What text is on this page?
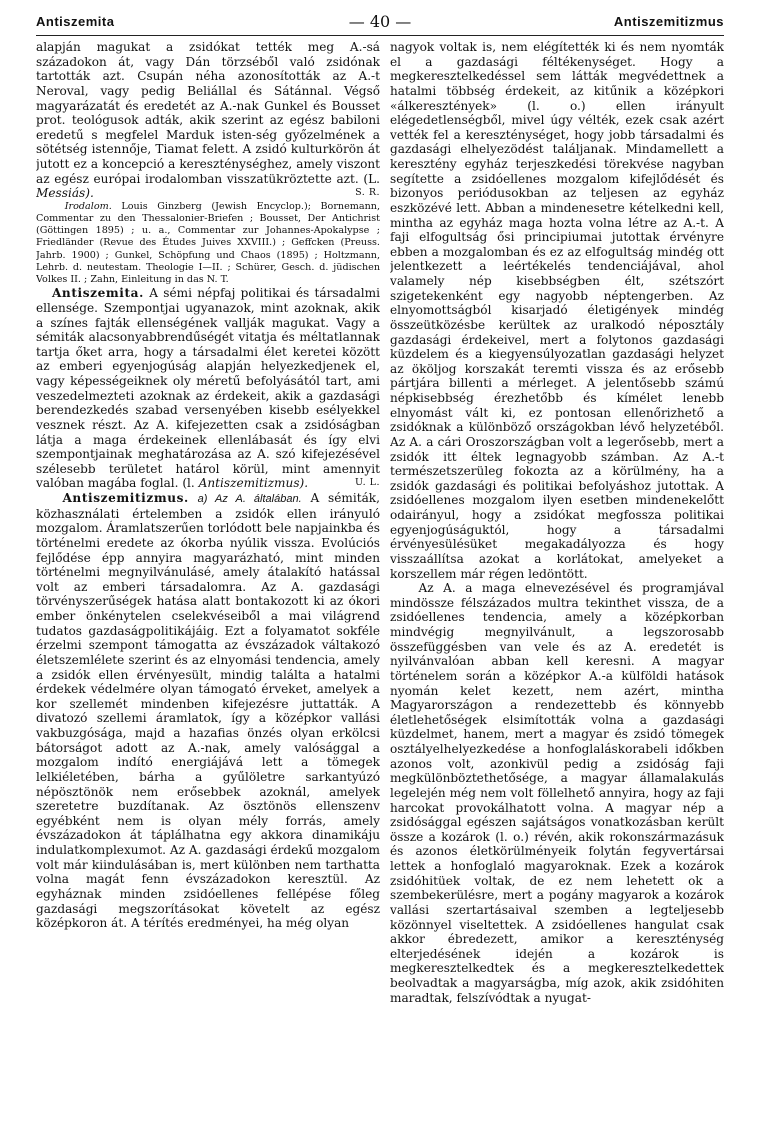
Antiszemita	— 40 —	Antiszemitizmus

alapján magukat a zsidókat tették meg A.-sá századokon át, vagy Dán törzséből való zsidónak tartották azt. Csupán néha azonosították az A.-t Neroval, vagy pedig Beliállal és Sátánnal. Végső magyarázatát és eredetét az A.-nak Gunkel és Bousset prot. teológusok adták, akik szerint az egész babiloni eredetű s megfelel Marduk isten-ség győzelmének a sötétség istennője, Tiamat felett. A zsidó kulturkörön át jutott ez a koncepció a kereszténységhez, amely viszont az egész európai irodalomban visszatükröztette azt. (L. Messiás).	S. R.

Irodalom. Louis Ginzberg (Jewish Encyclop.); Bornemann, Commentar zu den Thessalonier-Briefen ; Bousset, Der Antichrist (Göttingen 1895) ; u. a., Commentar zur Johannes-Apokalypse ; Friedländer (Revue des Études Juives XXVIII.) ; Geffcken (Preuss. Jahrb. 1900) ; Gunkel, Schöpfung und Chaos (1895) ; Holtzmann, Lehrb. d. neutestam. Theologie I—II. ; Schürer, Gesch. d. jüdischen Volkes II. ; Zahn, Einleitung in das N. T.

Antiszemita. A sémi népfaj politikai és társadalmi ellensége. Szempontjai ugyanazok, mint azoknak, akik a színes fajták ellenségének vallják magukat. Vagy a sémiták alacsonyabbrendűségét vitatja és méltatlannak tartja őket arra, hogy a társadalmi élet keretei között az emberi egyenjogúság alapján helyezkedjenek el, vagy képességeiknek oly méretű befolyásától tart, ami veszedelmezteti azoknak az érdekeit, akik a gazdasági berendezkedés szabad versenyében kisebb esélyekkel vesznek részt. Az A. kifejezetten csak a zsidóságban látja a maga érdekeinek ellenlábasát és így elvi szempontjainak meghatározása az A. szó kifejezésével szélesebb területet határol körül, mint amennyit valóban magába foglal. (l. Antiszemitizmus).	U. L.

Antiszemitizmus. a) Az A. általában. A sémiták, közhasználati értelemben a zsidók ellen irányuló mozgalom. Áramlatszerűen torlódott bele napjainkba és történelmi eredete az ókorba nyúlik vissza. Evolúciós fejlődése épp annyira magyarázható, mint minden történelmi megnyilvánulásé, amely átalakító hatással volt az emberi társadalomra. Az A. gazdasági törvényszerűségek hatása alatt bontakozott ki az ókori ember önkénytelen cselekvéseiből a mai világrend tudatos gazdaságpolitikájáig. Ezt a folyamatot sokféle érzelmi szempont támogatta az évszázadok váltakozó életszemlélete szerint és az elnyomási tendencia, amely a zsidók ellen érvényesült, mindig találta a hatalmi érdekek védelmére olyan támogató érveket, amelyek a kor szellemét mindenben kifejezésre juttatták. A divatozó szellemi áramlatok, így a középkor vallási vakbuzgósága, majd a hazafias önzés olyan erkölcsi bátorságot adott az A.-nak, amely valósággal a mozgalom indító energiájává lett a tömegek lelkiéletében, bárha a gyűlöletre sarkantyúzó népösztönök nem erősebbek azoknál, amelyek szeretetre buzdítanak. Az ösztönös ellenszenv egyébként nem is olyan mély forrás, amely évszázadokon át táplálhatna egy akkora dinamikáju indulatkomplexumot. Az A. gazdasági érdekű mozgalom volt már kiindulásában is, mert különben nem tarthatta volna magát fenn évszázadokon keresztül. Az egyháznak minden zsidóellenes fellépése főleg gazdasági megszorításokat követelt az egész középkoron át. A térítés eredményei, ha még olyan

nagyok voltak is, nem elégítették ki és nem nyomták el a gazdasági féltékenységet. Hogy a megkeresztelkedéssel sem látták megvédettnek a hatalmi többség érdekeit, az kitűnik a középkori «álkeresztények» (l. o.) ellen irányult elégedetlenségből, mivel úgy vélték, ezek csak azért vették fel a kereszténységet, hogy jobb társadalmi és gazdasági elhelyezödést találjanak. Mindamellett a keresztény egyház terjeszkedési törekvése nagyban segítette a zsidóellenes mozgalom kifejlődését és bizonyos periódusokban az teljesen az egyház eszközévé lett. Abban a mindenesetre kételkedni kell, mintha az egyház maga hozta volna létre az A.-t. A faji elfogultság ősi principiumai jutottak érvényre ebben a mozgalomban és ez az elfogultság mindég ott jelentkezett a leértékelés tendenciájával, ahol valamely nép kisebbségben élt, szétszórt szigetekenként egy nagyobb néptengerben. Az elnyomottságból kisarjadó életigények mindég összeütközésbe kerültek az uralkodó néposztály gazdasági érdekeivel, mert a folytonos gazdasági küzdelem és a kiegyensúlyozatlan gazdasági helyzet az ököljog korszakát teremti vissza és az erősebb pártjára billenti a mérleget. A jelentősebb számú népkisebbség érezhetőbb és kímélet lenebb elnyomást vált ki, ez pontosan ellenőrizhető a zsidóknak a különböző országokban lévő helyzetéből. Az A. a cári Oroszországban volt a legerősebb, mert a zsidók itt éltek legnagyobb számban. Az A.-t természetszerüleg fokozta az a körülmény, ha a zsidók gazdasági és politikai befolyáshoz jutottak. A zsidóellenes mozgalom ilyen esetben mindenekelőtt odairányul, hogy a zsidókat megfossza politikai egyenjogúságuktól, hogy a társadalmi érvényesülésüket megakadályozza és hogy visszaállítsa azokat a korlátokat, amelyeket a korszellem már régen ledöntött.

Az A. a maga elnevezésével és programjával mindössze félszázados multra tekinthet vissza, de a zsidóellenes tendencia, amely a középkorban mindvégig megnyilvánult, a legszorosabb összefüggésben van vele és az A. eredetét is nyilvánvalóan abban kell keresni. A magyar történelem során a középkor A.-a külföldi hatások nyomán kelet kezett, nem azért, mintha Magyarországon a rendezettebb és könnyebb életlehetőségek elsimították volna a gazdasági küzdelmet, hanem, mert a magyar és zsidó tömegek osztályelhelyezkedése a honfoglaláskorabeli időkben azonos volt, azonkivül pedig a zsidóság faji megkülönböztethetősége, a magyar államalakulás legelején még nem volt föllelhető annyira, hogy az faji harcokat provokálhatott volna. A magyar nép a zsidósággal egészen sajátságos vonatkozásban került össze a kozárok (l. o.) révén, akik rokonszármazásuk és azonos életkörülményeik folytán fegyvertársai lettek a honfoglaló magyaroknak. Ezek a kozárok zsidóhitüek voltak, de ez nem lehetett ok a szembekerülésre, mert a pogány magyarok a kozárok vallási szertartásaival szemben a legteljesebb közönnyel viseltettek. A zsidóellenes hangulat csak akkor ébredezett, amikor a kereszténység elterjedésének idején a kozárok is megkeresztelkedtek és a megkeresztelkedettek beolvadtak a magyarságba, míg azok, akik zsidóhiten maradtak, felszívódtak a nyugat-
